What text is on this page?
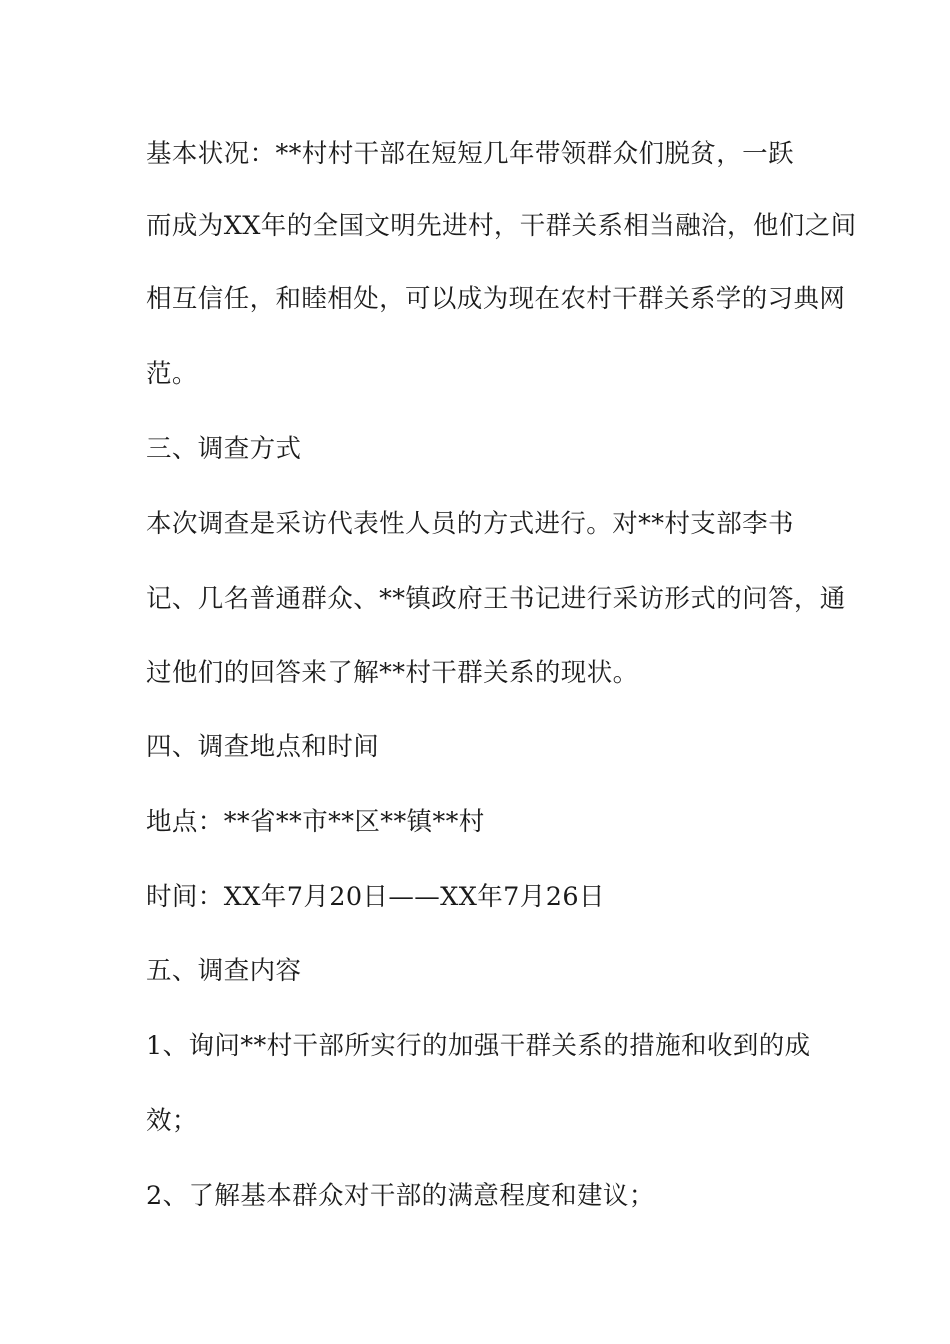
基本状况：**村村干部在短短几年带领群众们脱贫，一跃
而成为XX年的全国文明先进村，干群关系相当融洽，他们之间
相互信任，和睦相处，可以成为现在农村干群关系学的习典网
范。
三、调查方式
本次调查是采访代表性人员的方式进行。对**村支部李书
记、几名普通群众、**镇政府王书记进行采访形式的问答，通
过他们的回答来了解**村干群关系的现状。
四、调查地点和时间
地点：**省**市**区**镇**村
时间：XX年7月20日——XX年7月26日
五、调查内容
1、询问**村干部所实行的加强干群关系的措施和收到的成
效；
2、了解基本群众对干部的满意程度和建议；
